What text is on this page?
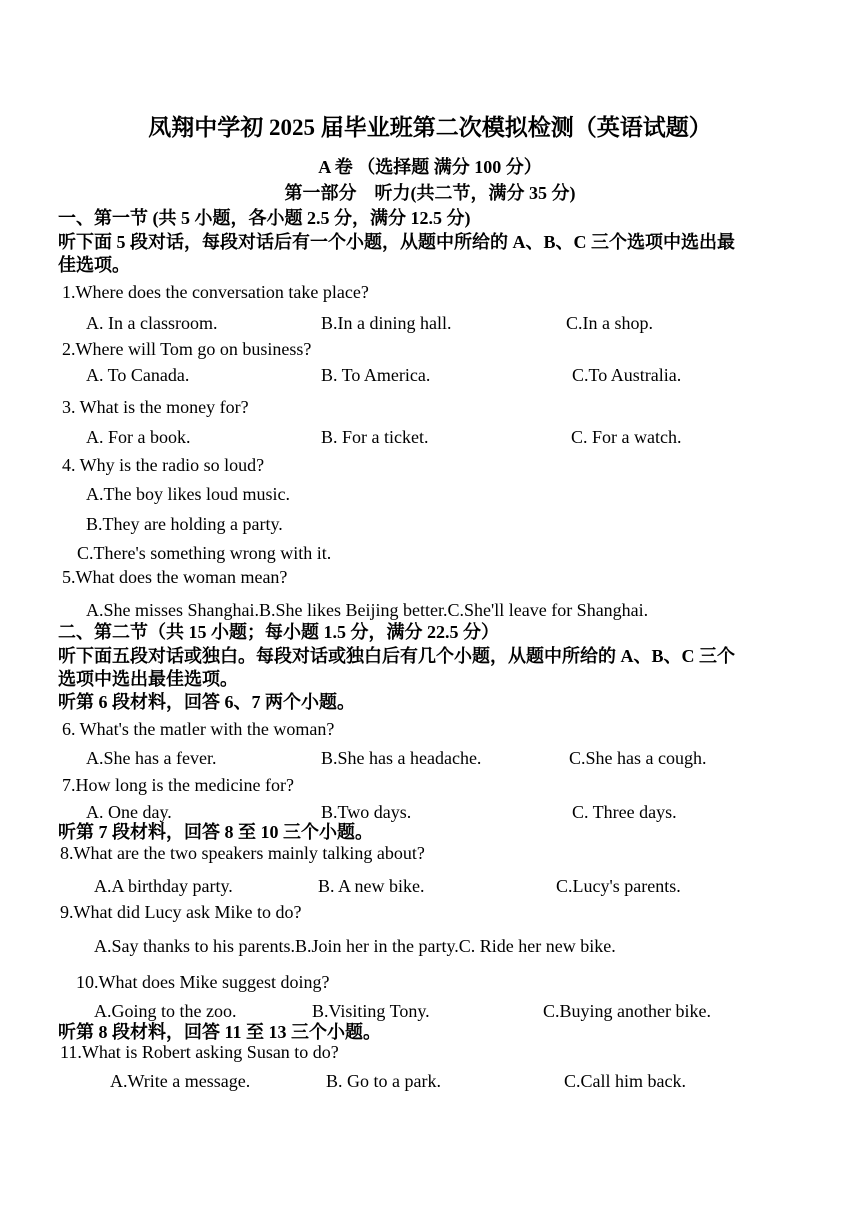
凤翔中学初 2025 届毕业班第二次模拟检测（英语试题）
A 卷 （选择题 满分 100 分）
第一部分　听力(共二节，满分 35 分)
一、第一节 (共 5 小题，各小题 2.5 分，满分 12.5 分)
听下面 5 段对话，每段对话后有一个小题，从题中所给的 A、B、C 三个选项中选出最
佳选项。
1.Where does the conversation take place?
A. In a classroom.	B.In a dining hall.	C.In a shop.
2.Where will Tom go on business?
A. To Canada.	B. To America.	C.To Australia.
3. What is the money for?
A. For a book.	B. For a ticket.	C. For a watch.
4. Why is the radio so loud?
A.The boy likes loud music.
B.They are holding a party.
C.There's something wrong with it.
5.What does the woman mean?
A.She misses Shanghai.B.She likes Beijing better.C.She'll leave for Shanghai.
二、第二节（共 15 小题；每小题 1.5 分，满分 22.5 分）
听下面五段对话或独白。每段对话或独白后有几个小题，从题中所给的 A、B、C 三个
选项中选出最佳选项。
听第 6 段材料，回答 6、7 两个小题。
6. What's the matler with the woman?
A.She has a fever.	B.She has a headache.	C.She has a cough.
7.How long is the medicine for?
A. One day.	B.Two days.	C. Three days.
听第 7 段材料，回答 8 至 10 三个小题。
8.What are the two speakers mainly talking about?
A.A birthday party.	B. A new bike.	C.Lucy's parents.
9.What did Lucy ask Mike to do?
A.Say thanks to his parents.B.Join her in the party.C. Ride her new bike.
10.What does Mike suggest doing?
A.Going to the zoo.	B.Visiting Tony.	C.Buying another bike.
听第 8 段材料，回答 11 至 13 三个小题。
11.What is Robert asking Susan to do?
A.Write a message.	B. Go to a park.	C.Call him back.
